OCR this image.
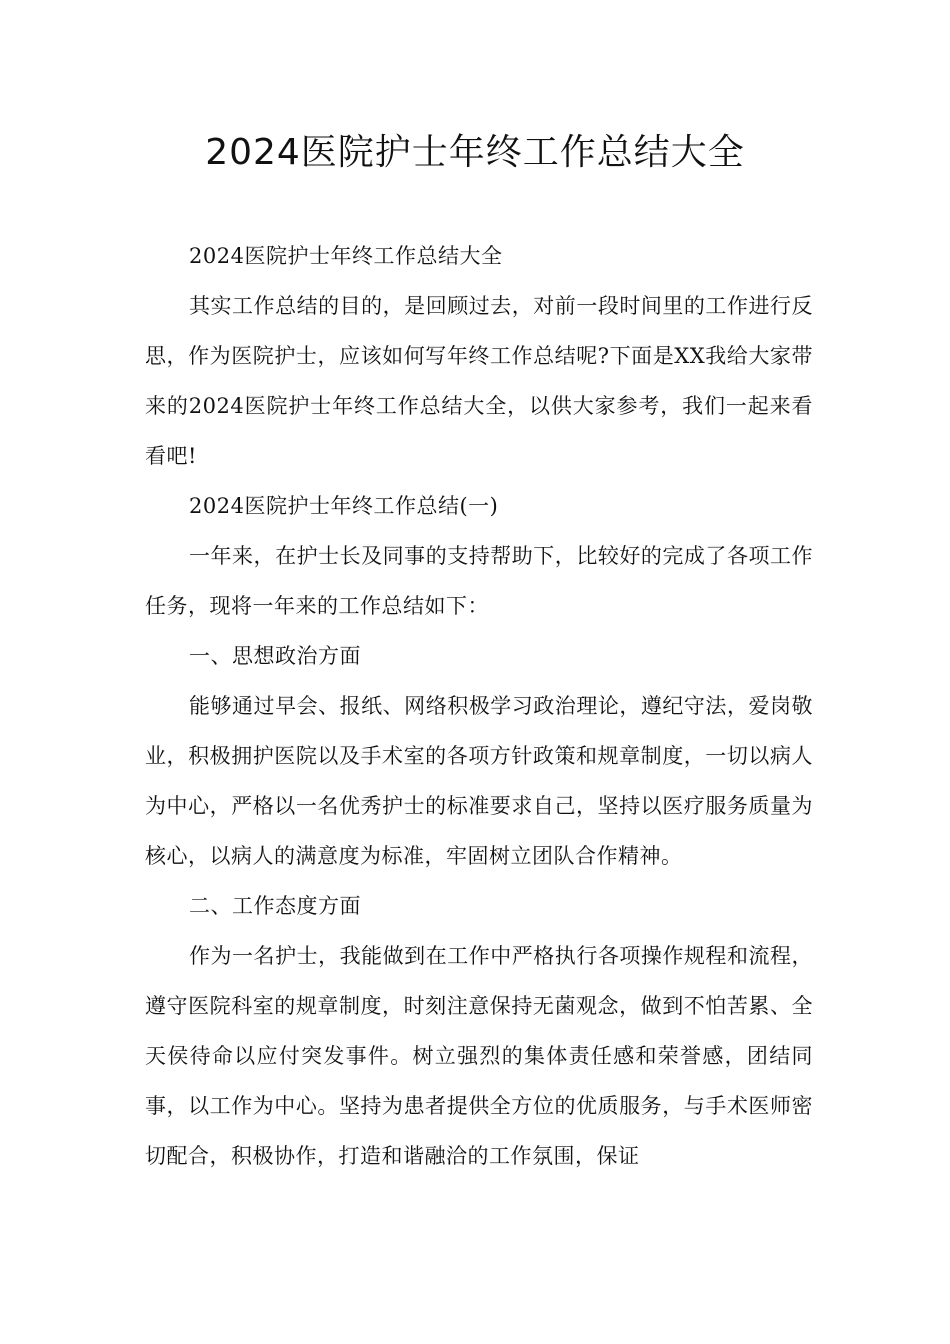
2024医院护士年终工作总结大全

2024医院护士年终工作总结大全

其实工作总结的目的，是回顾过去，对前一段时间里的工作进行反思，作为医院护士，应该如何写年终工作总结呢?下面是XX我给大家带来的2024医院护士年终工作总结大全，以供大家参考，我们一起来看看吧!

2024医院护士年终工作总结(一)

一年来，在护士长及同事的支持帮助下，比较好的完成了各项工作任务，现将一年来的工作总结如下：

一、思想政治方面

能够通过早会、报纸、网络积极学习政治理论，遵纪守法，爱岗敬业，积极拥护医院以及手术室的各项方针政策和规章制度，一切以病人为中心，严格以一名优秀护士的标准要求自己，坚持以医疗服务质量为核心，以病人的满意度为标准，牢固树立团队合作精神。

二、工作态度方面

作为一名护士，我能做到在工作中严格执行各项操作规程和流程，遵守医院科室的规章制度，时刻注意保持无菌观念，做到不怕苦累、全天侯待命以应付突发事件。树立强烈的集体责任感和荣誉感，团结同事，以工作为中心。坚持为患者提供全方位的优质服务，与手术医师密切配合，积极协作，打造和谐融洽的工作氛围，保证
